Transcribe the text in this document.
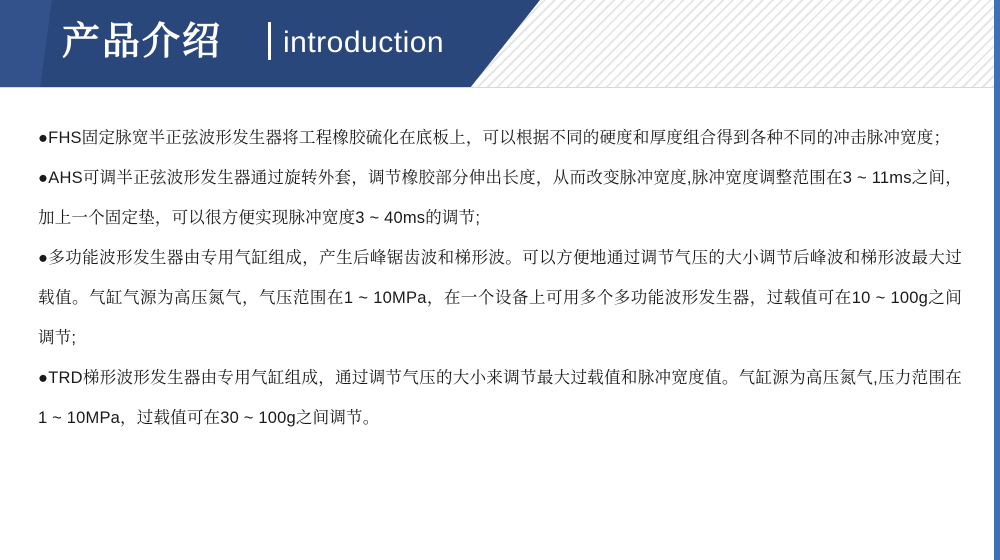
产品介绍 introduction

●FHS固定脉宽半正弦波形发生器将工程橡胶硫化在底板上，可以根据不同的硬度和厚度组合得到各种不同的冲击脉冲宽度；

●AHS可调半正弦波形发生器通过旋转外套，调节橡胶部分伸出长度，从而改变脉冲宽度,脉冲宽度调整范围在3 ~ 11ms之间，加上一个固定垫，可以很方便实现脉冲宽度3 ~ 40ms的调节;

●多功能波形发生器由专用气缸组成，产生后峰锯齿波和梯形波。可以方便地通过调节气压的大小调节后峰波和梯形波最大过载值。气缸气源为高压氮气，气压范围在1 ~ 10MPa，在一个设备上可用多个多功能波形发生器，过载值可在10 ~ 100g之间调节;

●TRD梯形波形发生器由专用气缸组成，通过调节气压的大小来调节最大过载值和脉冲宽度值。气缸源为高压氮气,压力范围在1 ~ 10MPa，过载值可在30 ~ 100g之间调节。
